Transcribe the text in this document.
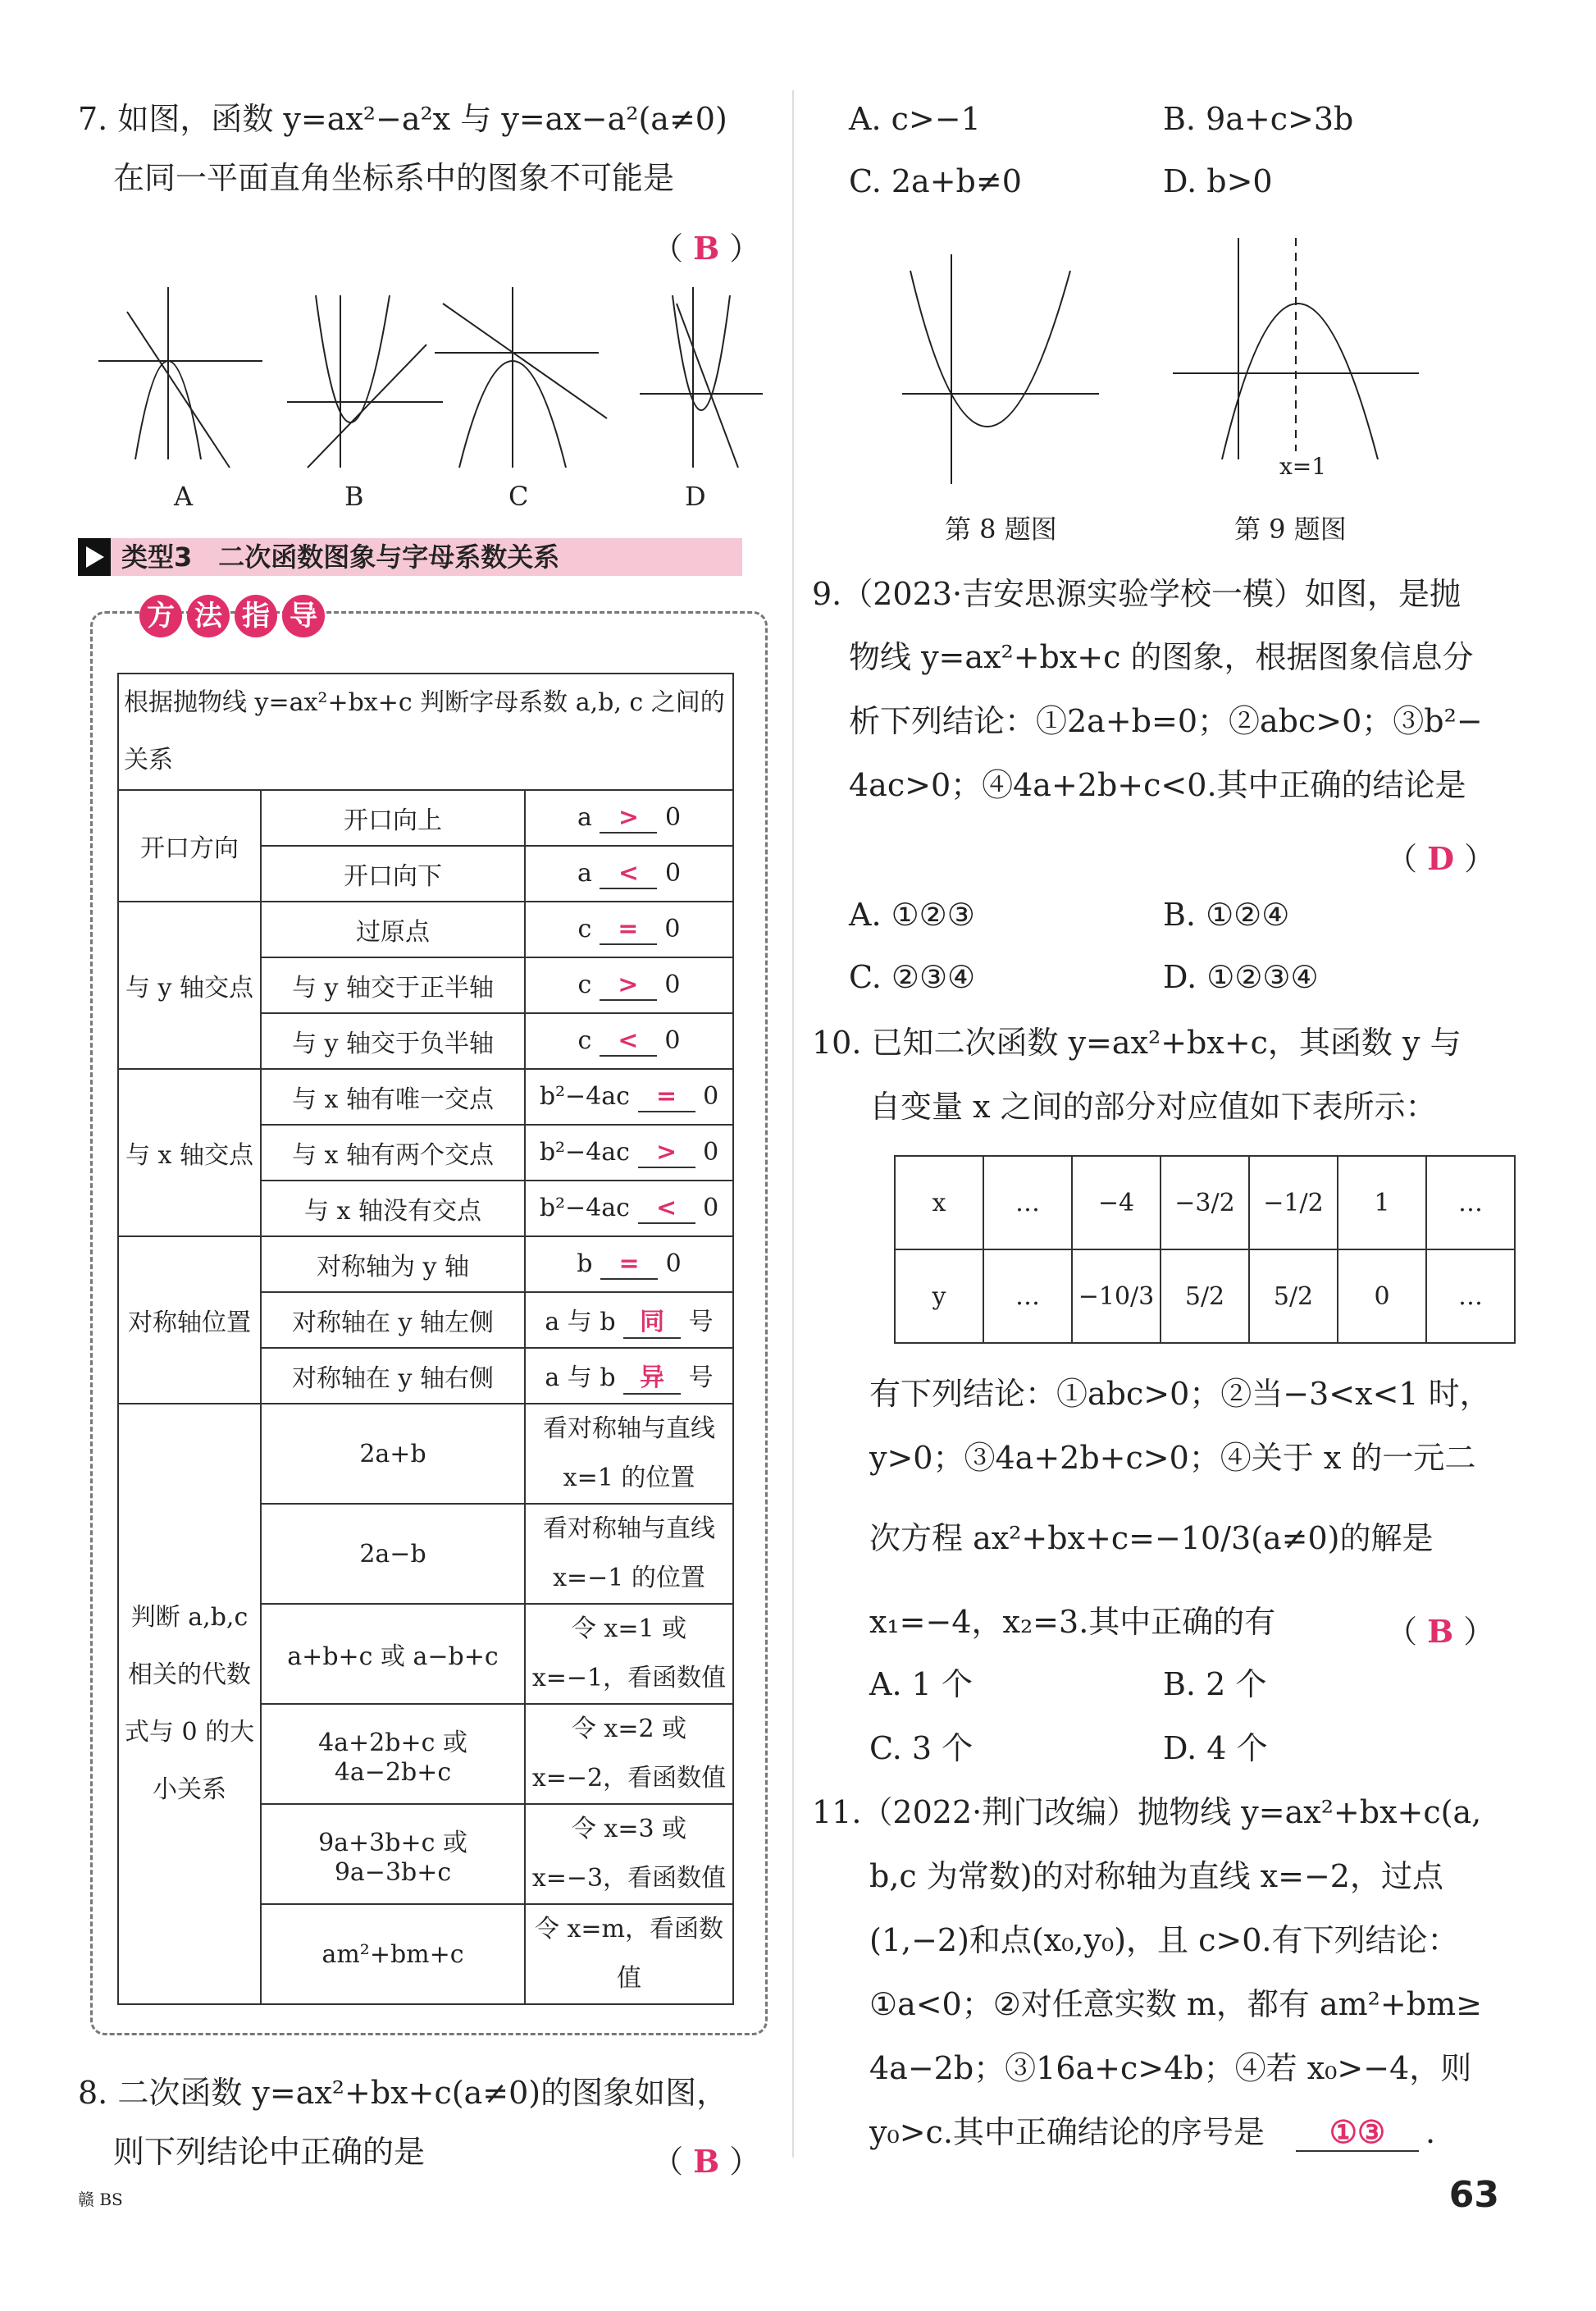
7. 如图，函数 y=ax²−a²x 与 y=ax−a²(a≠0)
在同一平面直角坐标系中的图象不可能是
（ B ）
A	B	C	D
类型3　二次函数图象与字母系数关系
方 法 指 导
根据抛物线 y=ax²+bx+c 判断字母系数 a,b, c 之间的关系		
开口方向	开口向上	a > 0
	开口向下	a < 0
与 y 轴交点	过原点	c = 0
	与 y 轴交于正半轴	c > 0
	与 y 轴交于负半轴	c < 0
与 x 轴交点	与 x 轴有唯一交点	b²−4ac = 0
	与 x 轴有两个交点	b²−4ac > 0
	与 x 轴没有交点	b²−4ac < 0
对称轴位置	对称轴为 y 轴	b = 0
	对称轴在 y 轴左侧	a 与 b 同 号
	对称轴在 y 轴右侧	a 与 b 异 号
判断 a,b,c 相关的代数式与 0 的大小关系	2a+b	看对称轴与直线 x=1 的位置
	2a−b	看对称轴与直线 x=−1 的位置
	a+b+c 或 a−b+c	令 x=1 或 x=−1，看函数值
	4a+2b+c 或 4a−2b+c	令 x=2 或 x=−2，看函数值
	9a+3b+c 或 9a−3b+c	令 x=3 或 x=−3，看函数值
	am²+bm+c	令 x=m，看函数值
8. 二次函数 y=ax²+bx+c(a≠0)的图象如图，
则下列结论中正确的是	（ B ）
A. c>−1	B. 9a+c>3b
C. 2a+b≠0	D. b>0
x=1
第 8 题图	第 9 题图
9.（2023·吉安思源实验学校一模）如图，是抛
物线 y=ax²+bx+c 的图象，根据图象信息分
析下列结论：①2a+b=0；②abc>0；③b²−
4ac>0；④4a+2b+c<0.其中正确的结论是
（ D ）
A. ①②③	B. ①②④
C. ②③④	D. ①②③④
10. 已知二次函数 y=ax²+bx+c，其函数 y 与
自变量 x 之间的部分对应值如下表所示：
x	…	−4	−3/2	−1/2	1	…
y	…	−10/3	5/2	5/2	0	…
有下列结论：①abc>0；②当−3<x<1 时，
y>0；③4a+2b+c>0；④关于 x 的一元二
次方程 ax²+bx+c=−10/3(a≠0)的解是
x₁=−4，x₂=3.其中正确的有	（ B ）
A. 1 个	B. 2 个
C. 3 个	D. 4 个
11.（2022·荆门改编）抛物线 y=ax²+bx+c(a,
b,c 为常数)的对称轴为直线 x=−2，过点
(1,−2)和点(x₀,y₀)，且 c>0.有下列结论：
①a<0；②对任意实数 m，都有 am²+bm≥
4a−2b；③16a+c>4b；④若 x₀>−4，则
y₀>c.其中正确结论的序号是	①③	.
赣 BS	63
